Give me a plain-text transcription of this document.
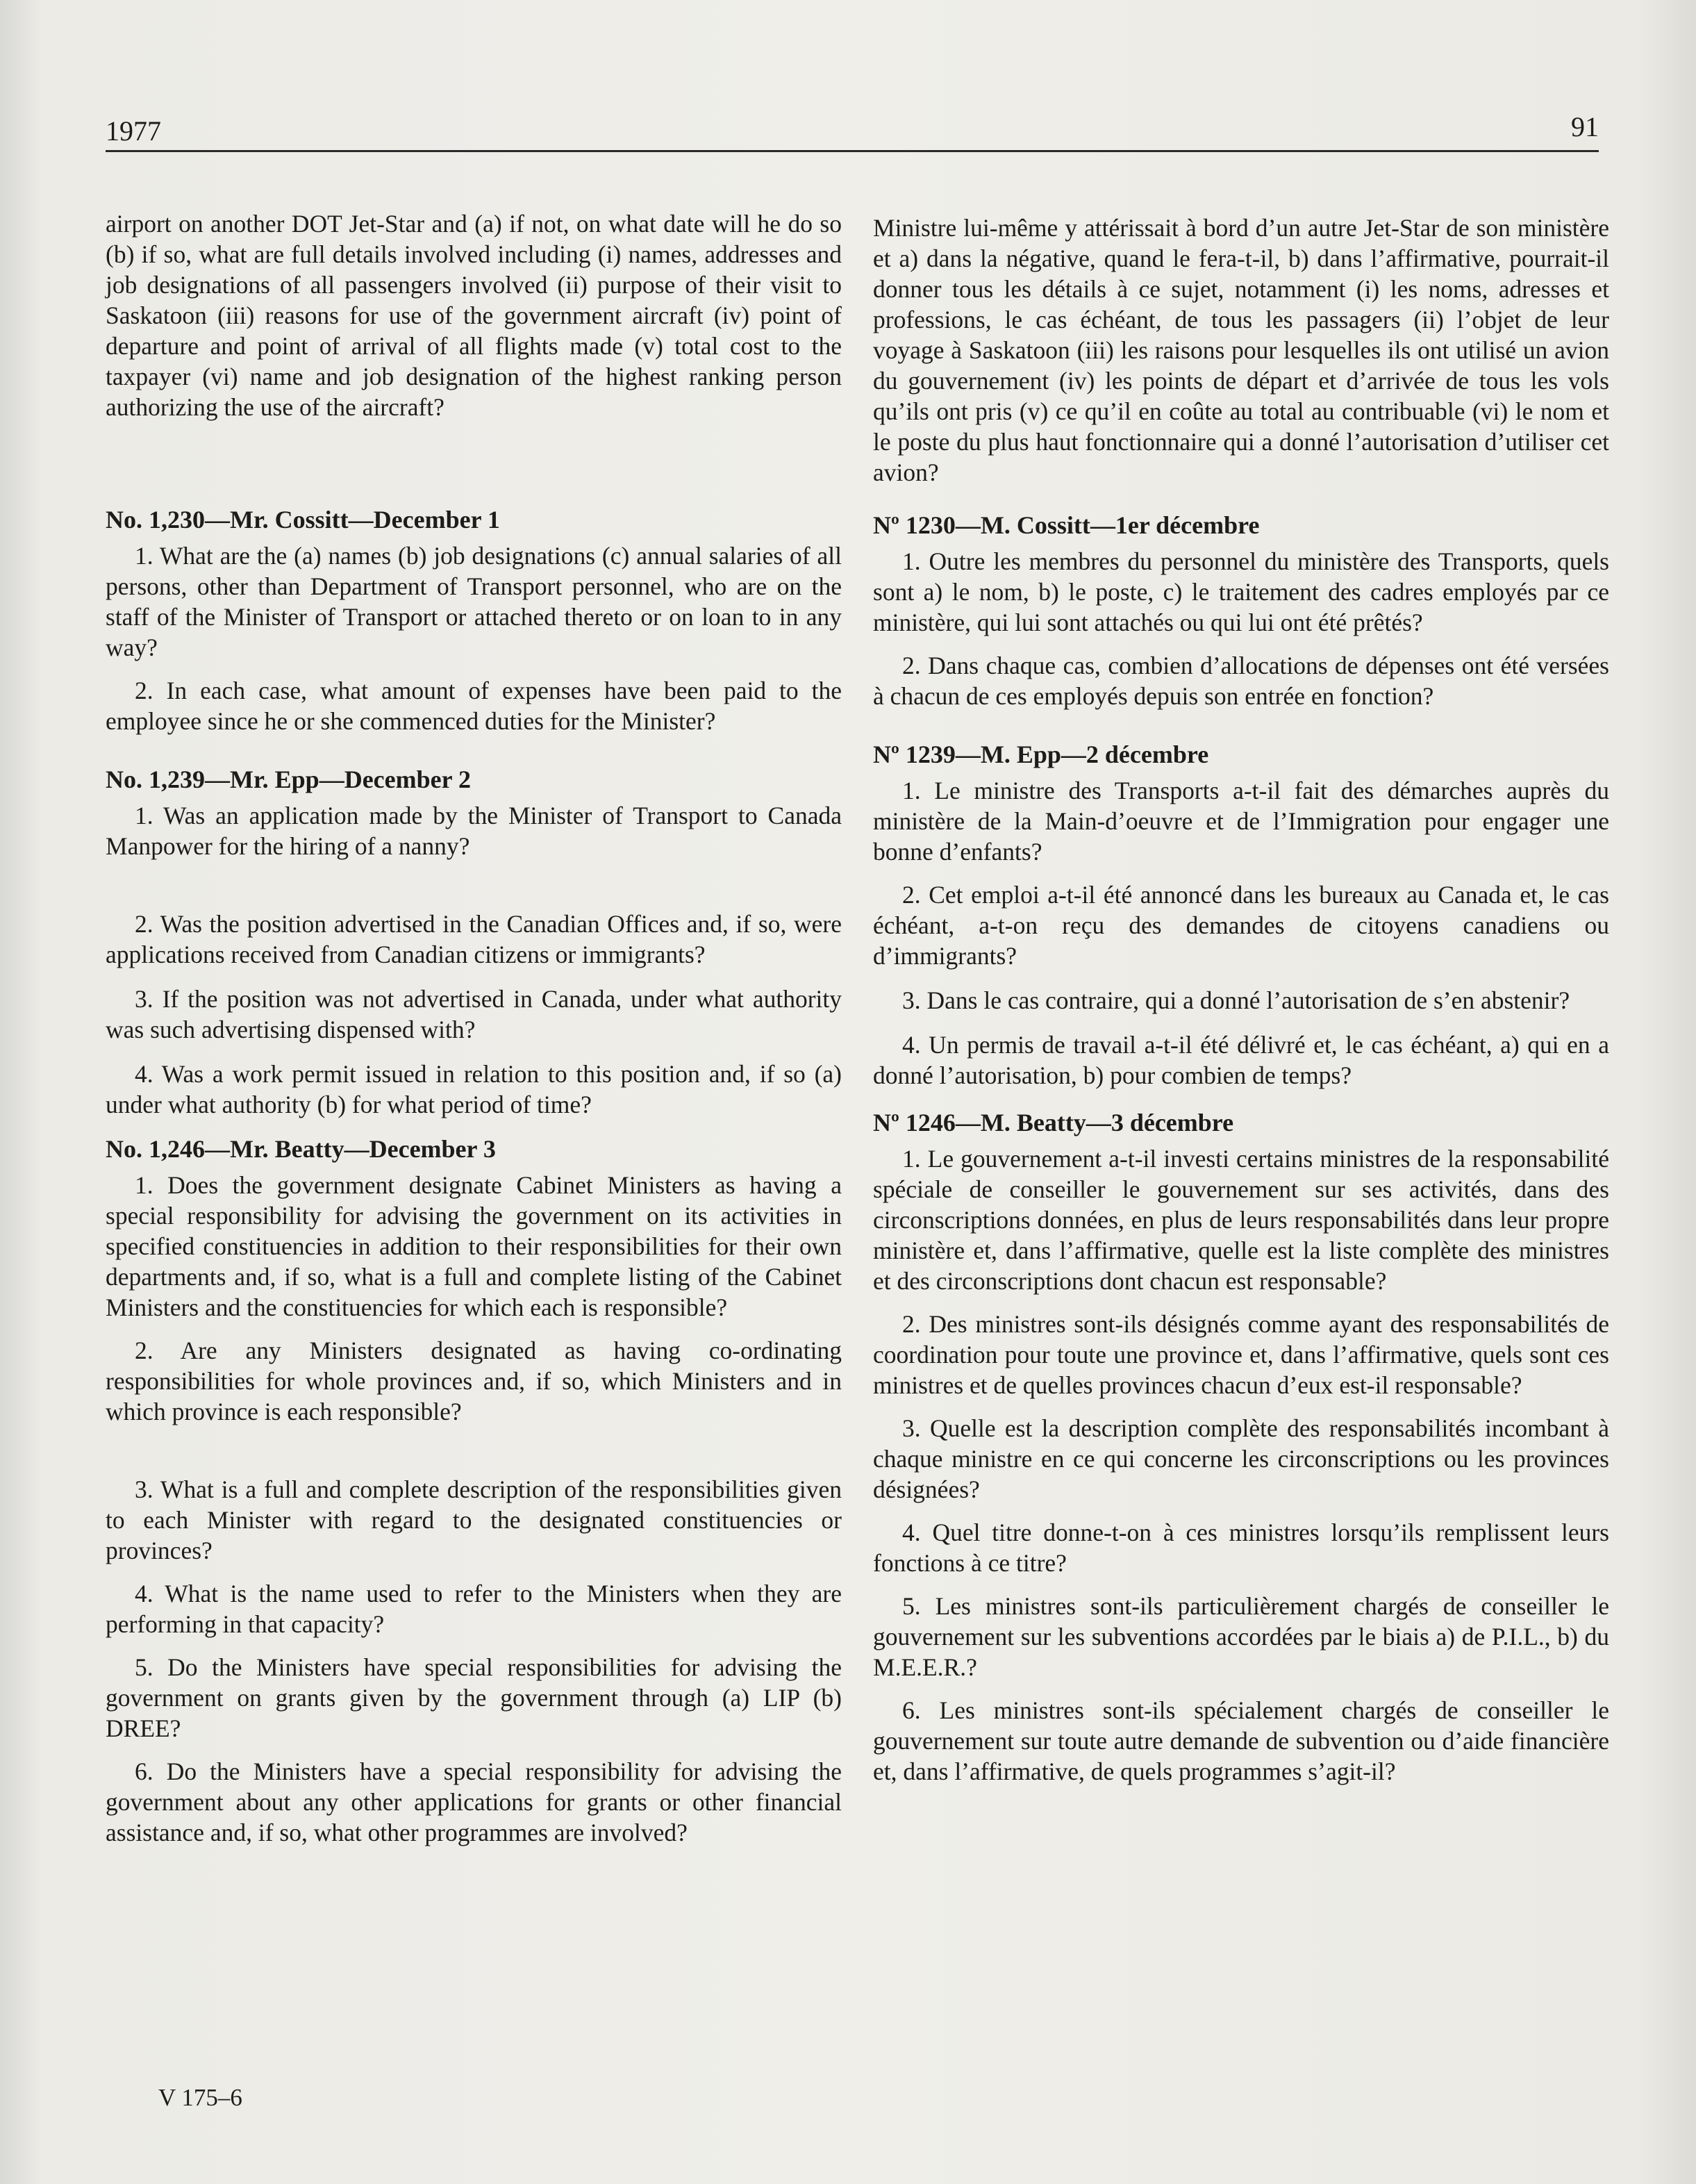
1977	91

airport on another DOT Jet-Star and (a) if not, on what date will he do so (b) if so, what are full details involved including (i) names, addresses and job designations of all passengers involved (ii) purpose of their visit to Saskatoon (iii) reasons for use of the government aircraft (iv) point of departure and point of arrival of all flights made (v) total cost to the taxpayer (vi) name and job designation of the highest ranking person authorizing the use of the aircraft?

No. 1,230—Mr. Cossitt—December 1

1. What are the (a) names (b) job designations (c) annual salaries of all persons, other than Department of Transport personnel, who are on the staff of the Minister of Transport or attached thereto or on loan to in any way?

2. In each case, what amount of expenses have been paid to the employee since he or she commenced duties for the Minister?

No. 1,239—Mr. Epp—December 2

1. Was an application made by the Minister of Transport to Canada Manpower for the hiring of a nanny?

2. Was the position advertised in the Canadian Offices and, if so, were applications received from Canadian citizens or immigrants?

3. If the position was not advertised in Canada, under what authority was such advertising dispensed with?

4. Was a work permit issued in relation to this position and, if so (a) under what authority (b) for what period of time?

No. 1,246—Mr. Beatty—December 3

1. Does the government designate Cabinet Ministers as having a special responsibility for advising the government on its activities in specified constituencies in addition to their responsibilities for their own departments and, if so, what is a full and complete listing of the Cabinet Ministers and the constituencies for which each is responsible?

2. Are any Ministers designated as having co-ordinating responsibilities for whole provinces and, if so, which Ministers and in which province is each responsible?

3. What is a full and complete description of the responsibilities given to each Minister with regard to the designated constituencies or provinces?

4. What is the name used to refer to the Ministers when they are performing in that capacity?

5. Do the Ministers have special responsibilities for advising the government on grants given by the government through (a) LIP (b) DREE?

6. Do the Ministers have a special responsibility for advising the government about any other applications for grants or other financial assistance and, if so, what other programmes are involved?

Ministre lui-même y attérissait à bord d’un autre Jet-Star de son ministère et a) dans la négative, quand le fera-t-il, b) dans l’affirmative, pourrait-il donner tous les détails à ce sujet, notamment (i) les noms, adresses et professions, le cas échéant, de tous les passagers (ii) l’objet de leur voyage à Saskatoon (iii) les raisons pour lesquelles ils ont utilisé un avion du gouvernement (iv) les points de départ et d’arrivée de tous les vols qu’ils ont pris (v) ce qu’il en coûte au total au contribuable (vi) le nom et le poste du plus haut fonctionnaire qui a donné l’autorisation d’utiliser cet avion?

Nº 1230—M. Cossitt—1er décembre

1. Outre les membres du personnel du ministère des Transports, quels sont a) le nom, b) le poste, c) le traitement des cadres employés par ce ministère, qui lui sont attachés ou qui lui ont été prêtés?

2. Dans chaque cas, combien d’allocations de dépenses ont été versées à chacun de ces employés depuis son entrée en fonction?

Nº 1239—M. Epp—2 décembre

1. Le ministre des Transports a-t-il fait des démarches auprès du ministère de la Main-d’oeuvre et de l’Immigration pour engager une bonne d’enfants?

2. Cet emploi a-t-il été annoncé dans les bureaux au Canada et, le cas échéant, a-t-on reçu des demandes de citoyens canadiens ou d’immigrants?

3. Dans le cas contraire, qui a donné l’autorisation de s’en abstenir?

4. Un permis de travail a-t-il été délivré et, le cas échéant, a) qui en a donné l’autorisation, b) pour combien de temps?

Nº 1246—M. Beatty—3 décembre

1. Le gouvernement a-t-il investi certains ministres de la responsabilité spéciale de conseiller le gouvernement sur ses activités, dans des circonscriptions données, en plus de leurs responsabilités dans leur propre ministère et, dans l’affirmative, quelle est la liste complète des ministres et des circonscriptions dont chacun est responsable?

2. Des ministres sont-ils désignés comme ayant des responsabilités de coordination pour toute une province et, dans l’affirmative, quels sont ces ministres et de quelles provinces chacun d’eux est-il responsable?

3. Quelle est la description complète des responsabilités incombant à chaque ministre en ce qui concerne les circonscriptions ou les provinces désignées?

4. Quel titre donne-t-on à ces ministres lorsqu’ils remplissent leurs fonctions à ce titre?

5. Les ministres sont-ils particulièrement chargés de conseiller le gouvernement sur les subventions accordées par le biais a) de P.I.L., b) du M.E.E.R.?

6. Les ministres sont-ils spécialement chargés de conseiller le gouvernement sur toute autre demande de subvention ou d’aide financière et, dans l’affirmative, de quels programmes s’agit-il?

V 175–6
